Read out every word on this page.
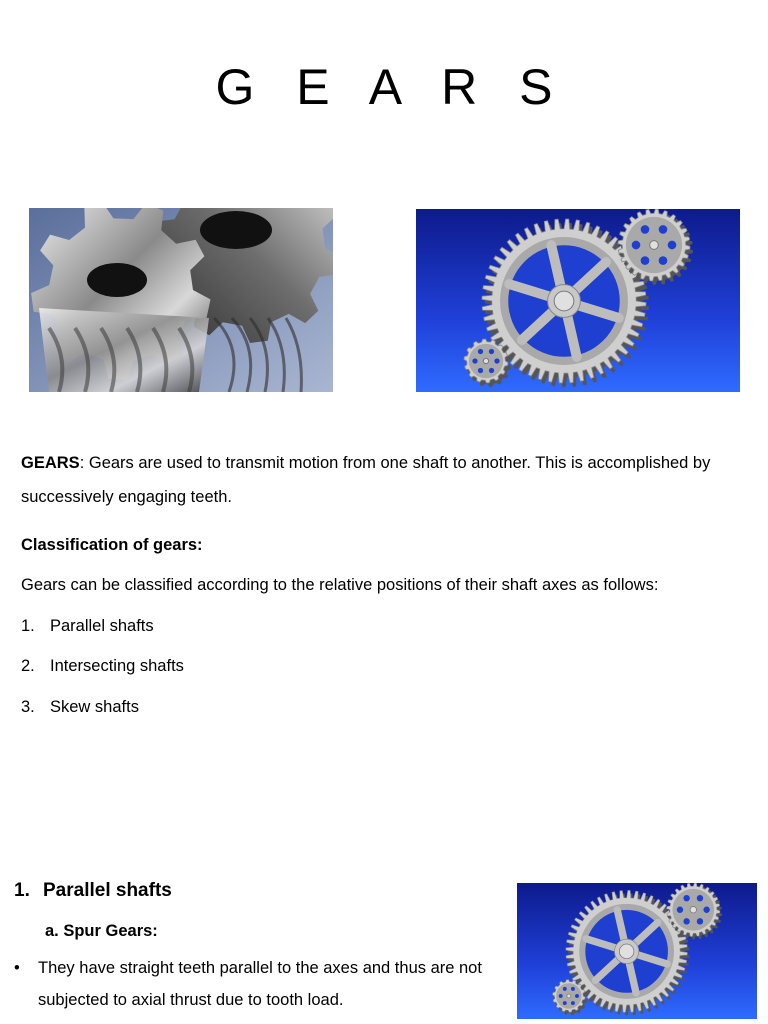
G E A R S
GEARS: Gears are used to transmit motion from one shaft to another. This is accomplished by successively engaging teeth.
Classification of gears:
Gears can be classified according to the relative positions of their shaft axes as follows:
1. Parallel shafts
2. Intersecting shafts
3. Skew shafts
1. Parallel shafts
a. Spur Gears:
• They have straight teeth parallel to the axes and thus are not subjected to axial thrust due to tooth load.
